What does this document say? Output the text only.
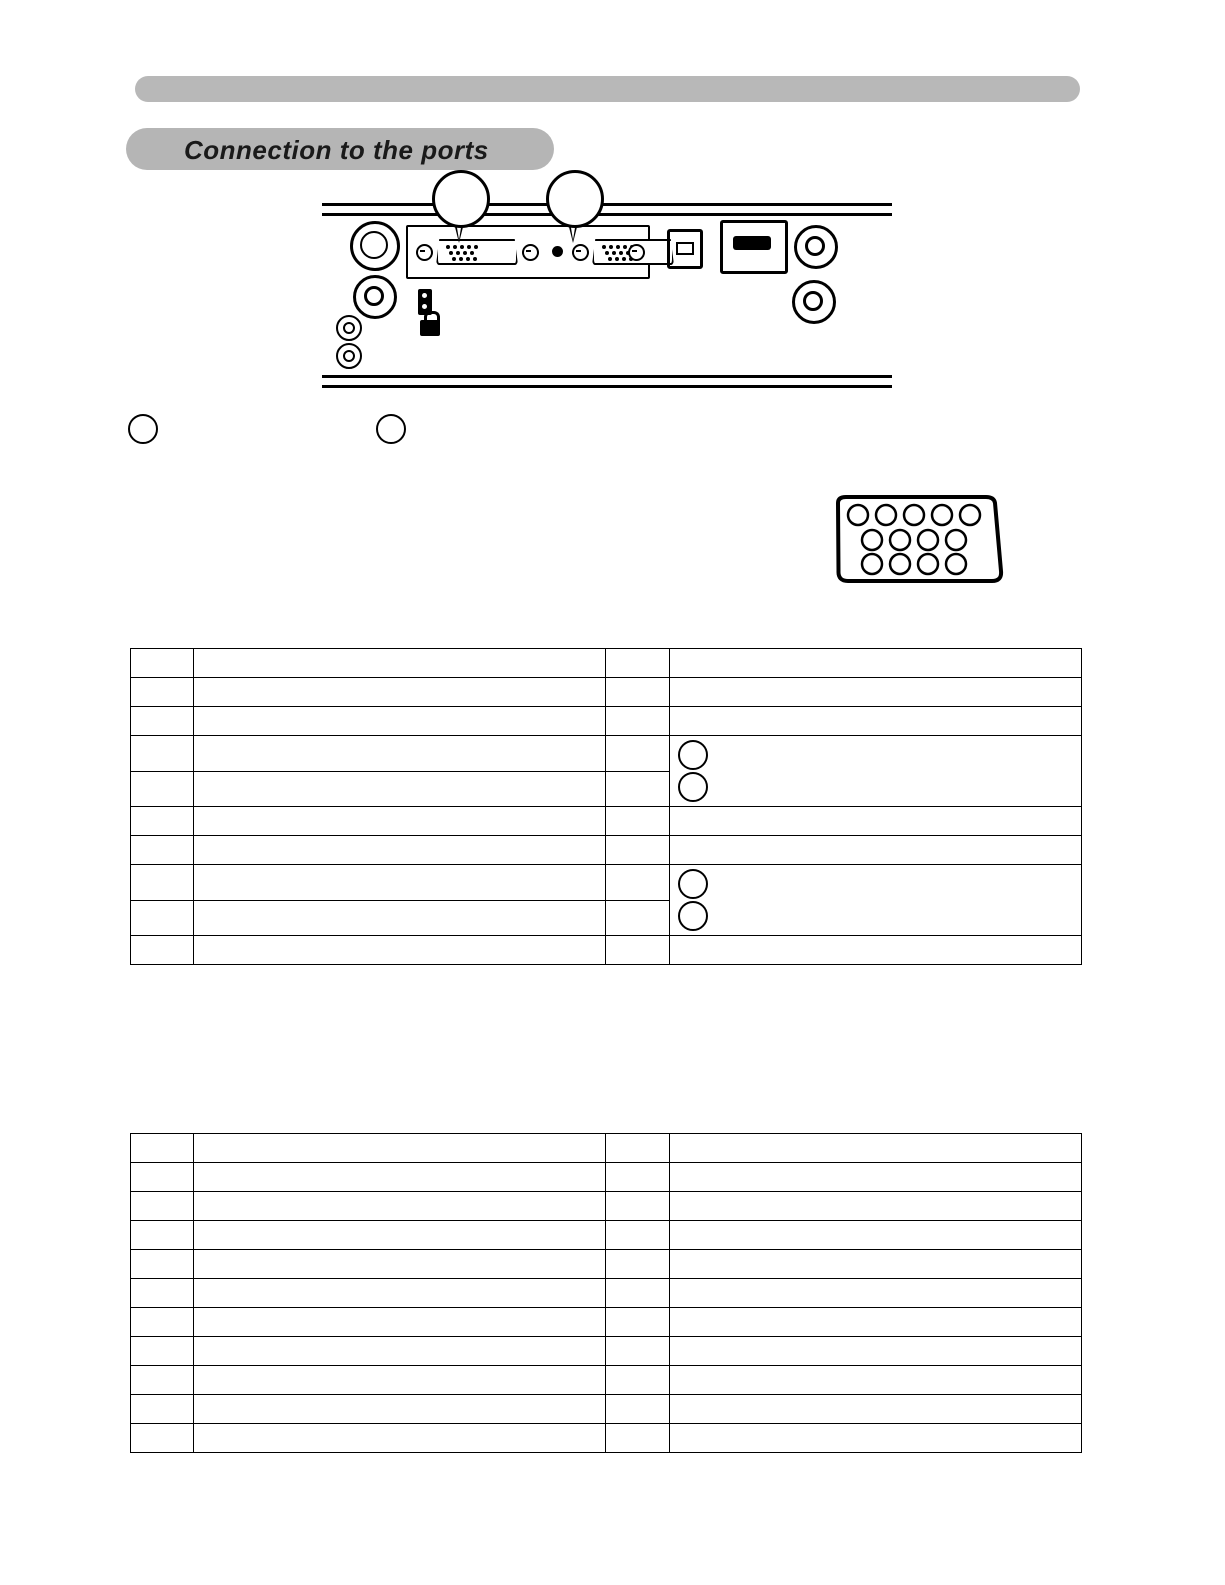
Connection to the ports
